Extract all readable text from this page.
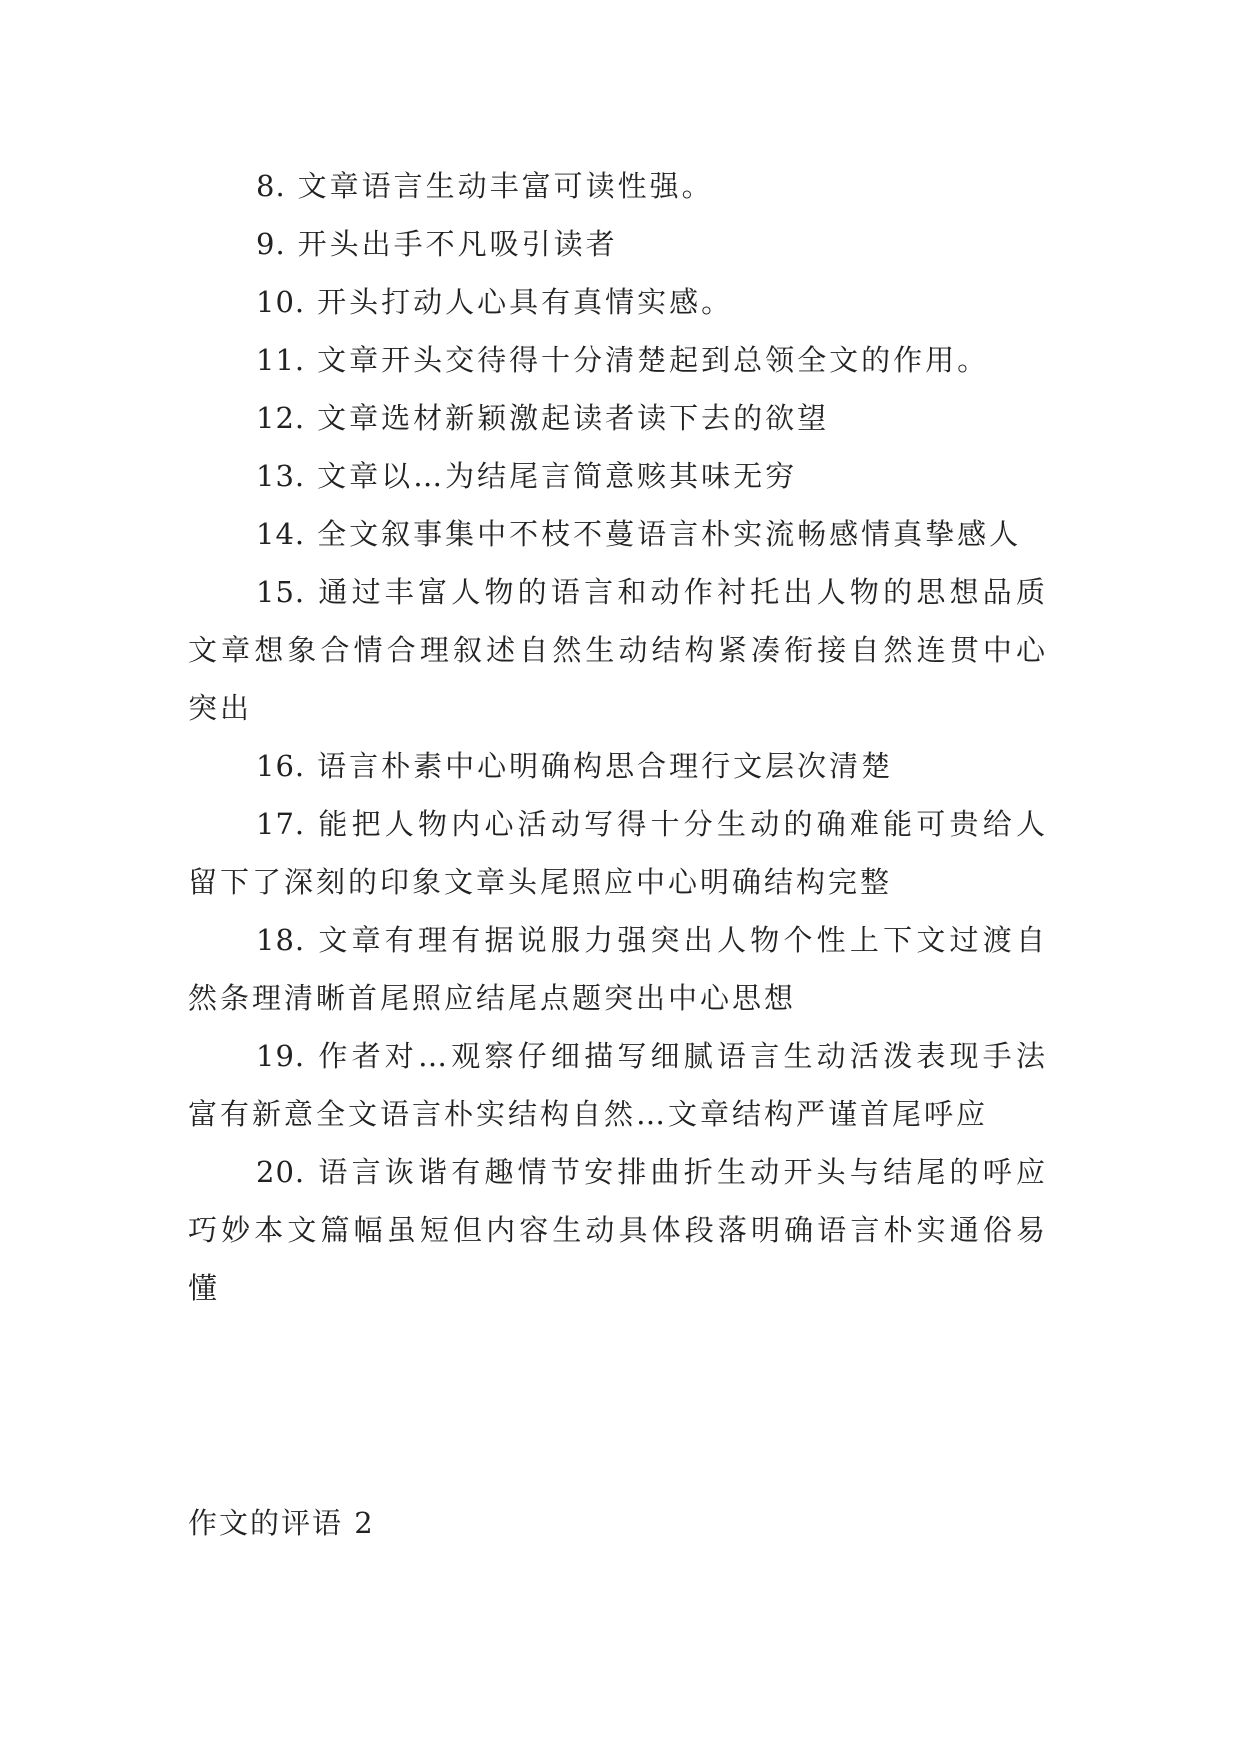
8. 文章语言生动丰富可读性强。

9. 开头出手不凡吸引读者

10. 开头打动人心具有真情实感。

11. 文章开头交待得十分清楚起到总领全文的作用。

12. 文章选材新颖激起读者读下去的欲望

13. 文章以…为结尾言简意赅其味无穷

14. 全文叙事集中不枝不蔓语言朴实流畅感情真挚感人

15. 通过丰富人物的语言和动作衬托出人物的思想品质文章想象合情合理叙述自然生动结构紧凑衔接自然连贯中心突出

16. 语言朴素中心明确构思合理行文层次清楚

17. 能把人物内心活动写得十分生动的确难能可贵给人留下了深刻的印象文章头尾照应中心明确结构完整

18. 文章有理有据说服力强突出人物个性上下文过渡自然条理清晰首尾照应结尾点题突出中心思想

19. 作者对…观察仔细描写细腻语言生动活泼表现手法富有新意全文语言朴实结构自然…文章结构严谨首尾呼应

20. 语言诙谐有趣情节安排曲折生动开头与结尾的呼应巧妙本文篇幅虽短但内容生动具体段落明确语言朴实通俗易懂

作文的评语 2
